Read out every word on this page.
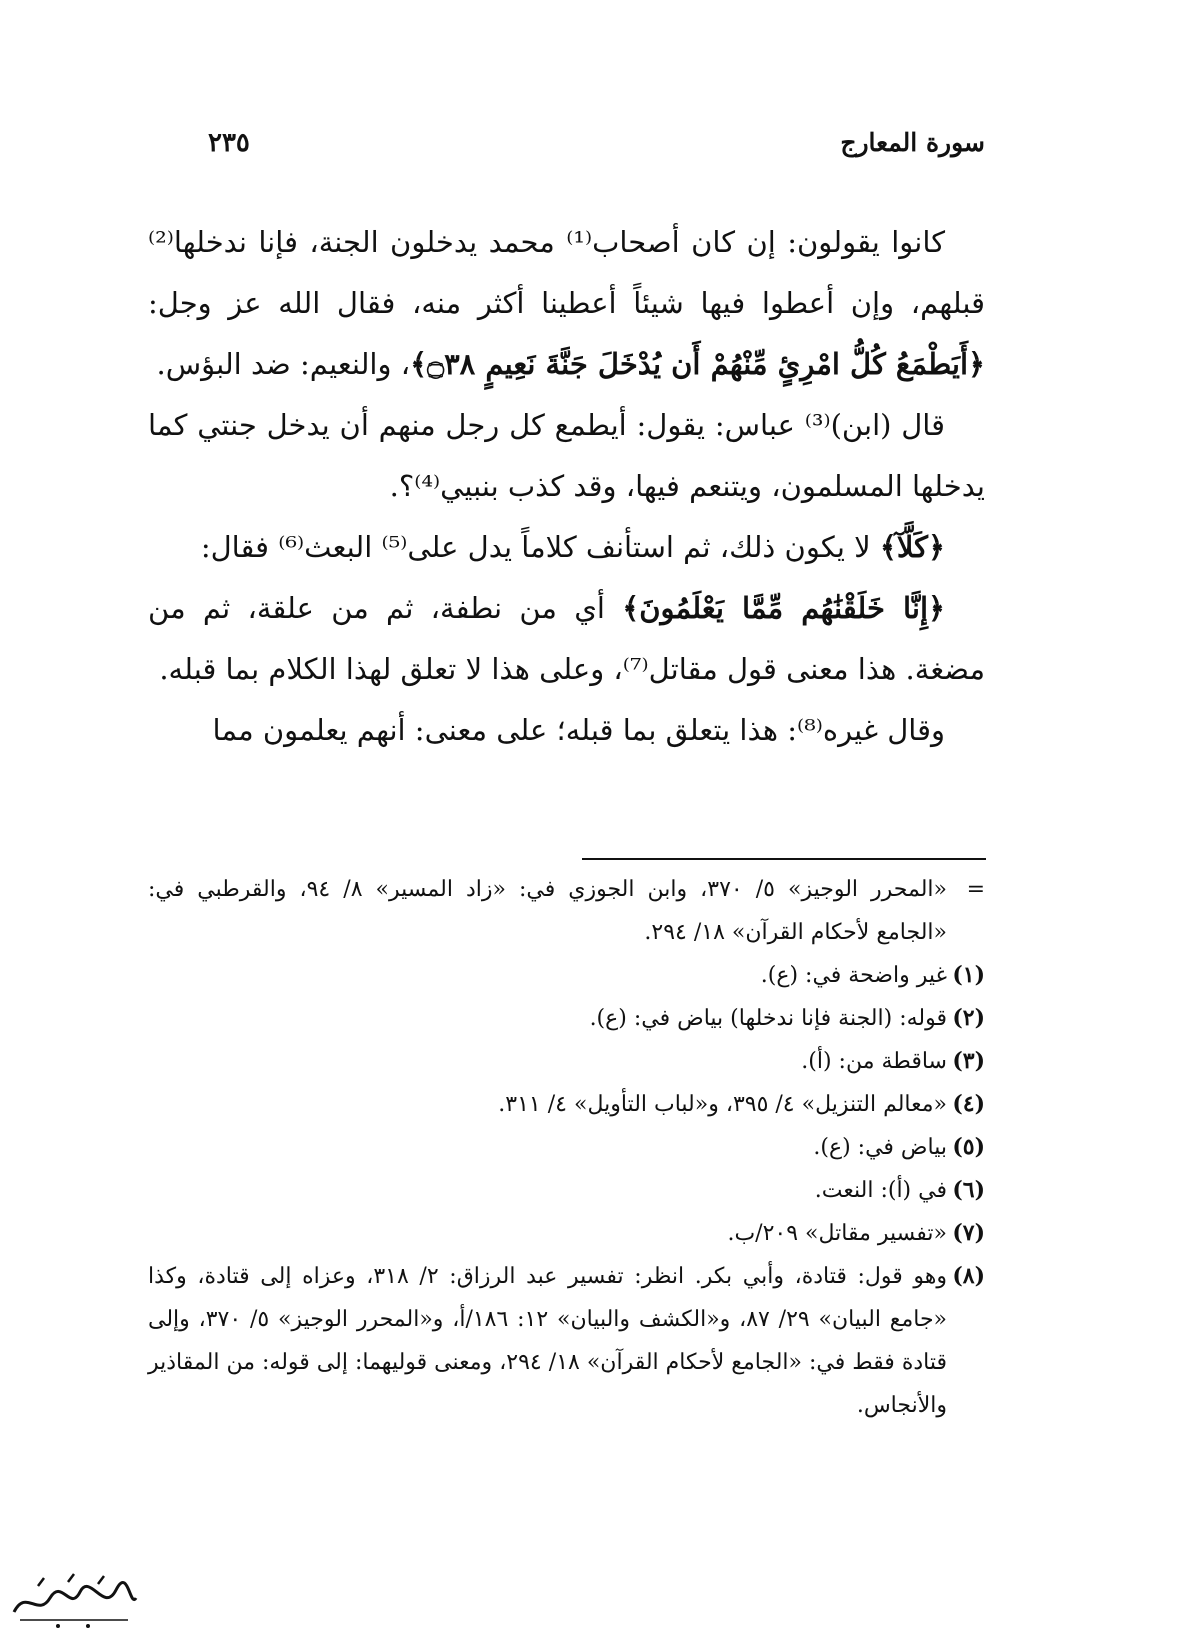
سورة المعارج
٢٣٥

كانوا يقولون: إن كان أصحاب⁽¹⁾ محمد يدخلون الجنة، فإنا ندخلها⁽²⁾ قبلهم، وإن أعطوا فيها شيئاً أعطينا أكثر منه، فقال الله عز وجل: ﴿أَيَطْمَعُ كُلُّ امْرِئٍ مِّنْهُمْ أَن يُدْخَلَ جَنَّةَ نَعِيمٍ ۝٣٨﴾، والنعيم: ضد البؤس.

قال (ابن)⁽³⁾ عباس: يقول: أيطمع كل رجل منهم أن يدخل جنتي كما يدخلها المسلمون، ويتنعم فيها، وقد كذب بنبيي⁽⁴⁾؟.

﴿كَلَّآ﴾ لا يكون ذلك، ثم استأنف كلاماً يدل على⁽⁵⁾ البعث⁽⁶⁾ فقال:

﴿إِنَّا خَلَقْنَٰهُم مِّمَّا يَعْلَمُونَ﴾ أي من نطفة، ثم من علقة، ثم من مضغة. هذا معنى قول مقاتل⁽⁷⁾، وعلى هذا لا تعلق لهذا الكلام بما قبله.

وقال غيره⁽⁸⁾: هذا يتعلق بما قبله؛ على معنى: أنهم يعلمون مما

=
«المحرر الوجيز» ٥/ ٣٧٠، وابن الجوزي في: «زاد المسير» ٨/ ٩٤، والقرطبي في: «الجامع لأحكام القرآن» ١٨/ ٢٩٤.
(١)
غير واضحة في: (ع).
(٢)
قوله: (الجنة فإنا ندخلها) بياض في: (ع).
(٣)
ساقطة من: (أ).
(٤)
«معالم التنزيل» ٤/ ٣٩٥، و«لباب التأويل» ٤/ ٣١١.
(٥)
بياض في: (ع).
(٦)
في (أ): النعت.
(٧)
«تفسير مقاتل» ٢٠٩/ب.
(٨)
وهو قول: قتادة، وأبي بكر. انظر: تفسير عبد الرزاق: ٢/ ٣١٨، وعزاه إلى قتادة، وكذا «جامع البيان» ٢٩/ ٨٧، و«الكشف والبيان» ١٢: ١٨٦/أ، و«المحرر الوجيز» ٥/ ٣٧٠، وإلى قتادة فقط في: «الجامع لأحكام القرآن» ١٨/ ٢٩٤، ومعنى قوليهما: إلى قوله: من المقاذير والأنجاس.
